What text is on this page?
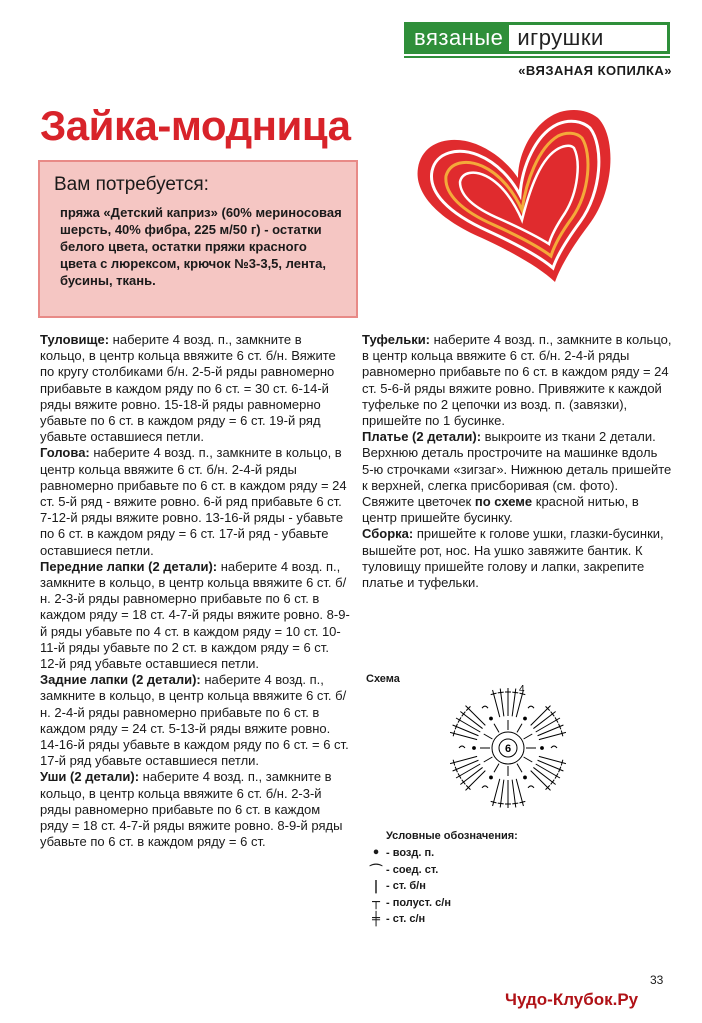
вязаные игрушки
«ВЯЗАНАЯ КОПИЛКА»
Зайка-модница
Вам потребуется:
пряжа «Детский каприз» (60% мериносовая шерсть, 40% фибра, 225 м/50 г) - остатки белого цвета, остатки пряжи красного цвета с люрексом, крючок №3-3,5, лента, бусины, ткань.

Туловище: наберите 4 возд. п., замкните в кольцо, в центр кольца ввяжите 6 ст. б/н. Вяжите по кругу столбиками б/н. 2-5-й ряды равномерно прибавьте в каждом ряду по 6 ст. = 30 ст. 6-14-й ряды вяжите ровно. 15-18-й ряды равномерно убавьте по 6 ст. в каждом ряду = 6 ст. 19-й ряд убавьте оставшиеся петли.

Голова: наберите 4 возд. п., замкните в кольцо, в центр кольца ввяжите 6 ст. б/н. 2-4-й ряды равномерно прибавьте по 6 ст. в каждом ряду = 24 ст. 5-й ряд - вяжите ровно. 6-й ряд прибавьте 6 ст. 7-12-й ряды вяжите ровно. 13-16-й ряды - убавьте по 6 ст. в каждом ряду = 6 ст. 17-й ряд - убавьте оставшиеся петли.

Передние лапки (2 детали): наберите 4 возд. п., замкните в кольцо, в центр кольца ввяжите 6 ст. б/н. 2-3-й ряды равномерно прибавьте по 6 ст. в каждом ряду = 18 ст. 4-7-й ряды вяжите ровно. 8-9-й ряды убавьте по 4 ст. в каждом ряду = 10 ст. 10-11-й ряды убавьте по 2 ст. в каждом ряду = 6 ст. 12-й ряд убавьте оставшиеся петли.

Задние лапки (2 детали): наберите 4 возд. п., замкните в кольцо, в центр кольца ввяжите 6 ст. б/н. 2-4-й ряды равномерно прибавьте по 6 ст. в каждом ряду = 24 ст. 5-13-й ряды вяжите ровно. 14-16-й ряды убавьте в каждом ряду по 6 ст. = 6 ст. 17-й ряд убавьте оставшиеся петли.

Уши (2 детали): наберите 4 возд. п., замкните в кольцо, в центр кольца ввяжите 6 ст. б/н. 2-3-й ряды равномерно прибавьте по 6 ст. в каждом ряду = 18 ст. 4-7-й ряды вяжите ровно. 8-9-й ряды убавьте по 6 ст. в каждом ряду = 6 ст.

Туфельки: наберите 4 возд. п., замкните в кольцо, в центр кольца ввяжите 6 ст. б/н. 2-4-й ряды равномерно прибавьте по 6 ст. в каждом ряду = 24 ст. 5-6-й ряды вяжите ровно. Привяжите к каждой туфельке по 2 цепочки из возд. п. (завязки), пришейте по 1 бусинке.

Платье (2 детали): выкроите из ткани 2 детали. Верхнюю деталь прострочите на машинке вдоль 5-ю строчками «зигзаг». Нижнюю деталь пришейте к верхней, слегка присборивая (см. фото). Свяжите цветочек по схеме красной нитью, в центр пришейте бусинку.

Сборка: пришейте к голове ушки, глазки-бусинки, вышейте рот, нос. На ушко завяжите бантик. К туловищу пришейте голову и лапки, закрепите платье и туфельки.

Схема
6
4
Условные обозначения:
• - возд. п.
⌒ - соед. ст.
| - ст. б/н
┬ - полуст. с/н
╪ - ст. с/н
33
Чудо-Клубок.Ру
